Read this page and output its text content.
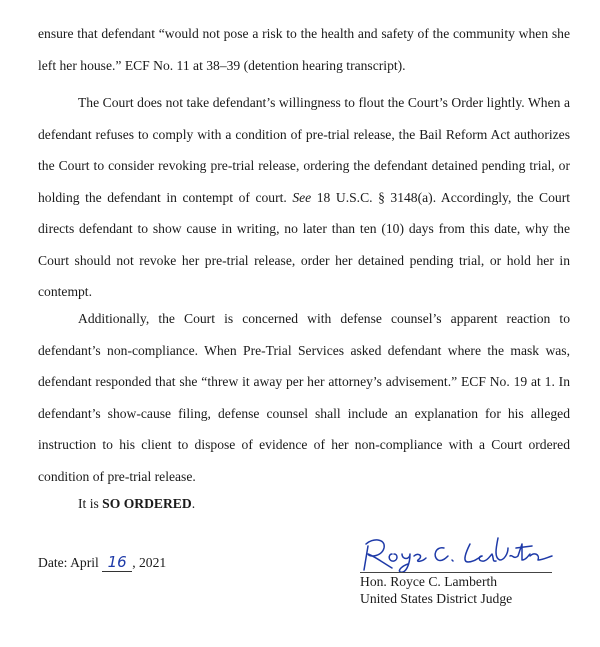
ensure that defendant “would not pose a risk to the health and safety of the community when she left her house.” ECF No. 11 at 38–39 (detention hearing transcript).

The Court does not take defendant’s willingness to flout the Court’s Order lightly. When a defendant refuses to comply with a condition of pre-trial release, the Bail Reform Act authorizes the Court to consider revoking pre-trial release, ordering the defendant detained pending trial, or holding the defendant in contempt of court. See 18 U.S.C. § 3148(a). Accordingly, the Court directs defendant to show cause in writing, no later than ten (10) days from this date, why the Court should not revoke her pre-trial release, order her detained pending trial, or hold her in contempt.

Additionally, the Court is concerned with defense counsel’s apparent reaction to defendant’s non-compliance. When Pre-Trial Services asked defendant where the mask was, defendant responded that she “threw it away per her attorney’s advisement.” ECF No. 19 at 1. In defendant’s show-cause filing, defense counsel shall include an explanation for his alleged instruction to his client to dispose of evidence of her non-compliance with a Court ordered condition of pre-trial release.

It is SO ORDERED.

Date: April 16 , 2021
Hon. Royce C. Lamberth
United States District Judge
